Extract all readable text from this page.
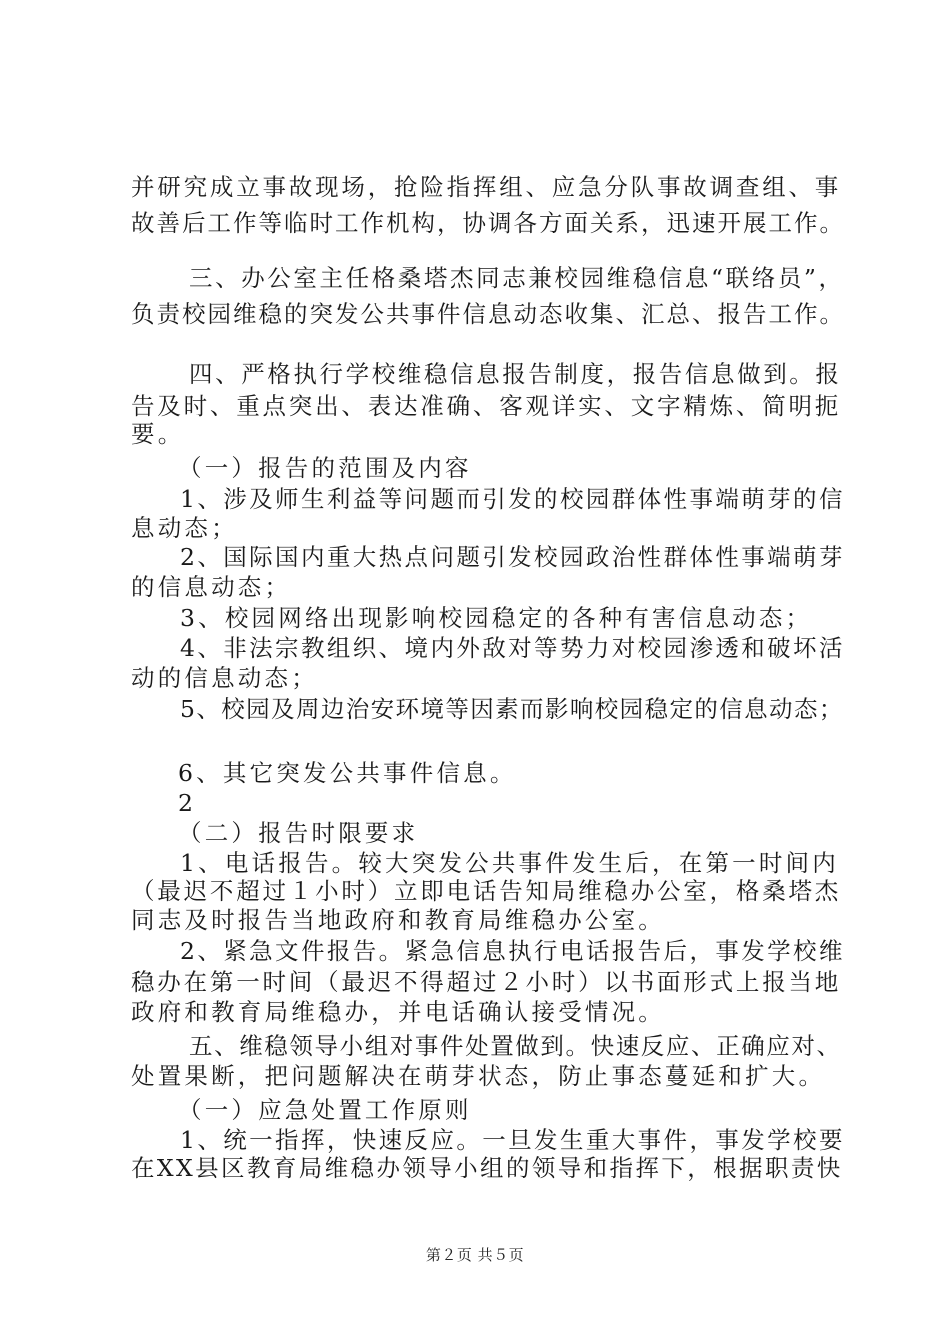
并研究成立事故现场，抢险指挥组、应急分队事故调查组、事
故善后工作等临时工作机构，协调各方面关系，迅速开展工作。
三、办公室主任格桑塔杰同志兼校园维稳信息“联络员”，
负责校园维稳的突发公共事件信息动态收集、汇总、报告工作。
四、严格执行学校维稳信息报告制度，报告信息做到。报
告及时、重点突出、表达准确、客观详实、文字精炼、简明扼
要。
（一）报告的范围及内容
1、涉及师生利益等问题而引发的校园群体性事端萌芽的信
息动态；
2、国际国内重大热点问题引发校园政治性群体性事端萌芽
的信息动态；
3、校园网络出现影响校园稳定的各种有害信息动态；
4、非法宗教组织、境内外敌对等势力对校园渗透和破坏活
动的信息动态；
5、校园及周边治安环境等因素而影响校园稳定的信息动态；
6、其它突发公共事件信息。
2
（二）报告时限要求
1、电话报告。较大突发公共事件发生后，在第一时间内
（最迟不超过１小时）立即电话告知局维稳办公室，格桑塔杰
同志及时报告当地政府和教育局维稳办公室。
2、紧急文件报告。紧急信息执行电话报告后，事发学校维
稳办在第一时间（最迟不得超过２小时）以书面形式上报当地
政府和教育局维稳办，并电话确认接受情况。
五、维稳领导小组对事件处置做到。快速反应、正确应对、
处置果断，把问题解决在萌芽状态，防止事态蔓延和扩大。
（一）应急处置工作原则
1、统一指挥，快速反应。一旦发生重大事件，事发学校要
在XX县区教育局维稳办领导小组的领导和指挥下，根据职责快
第２页 共５页
